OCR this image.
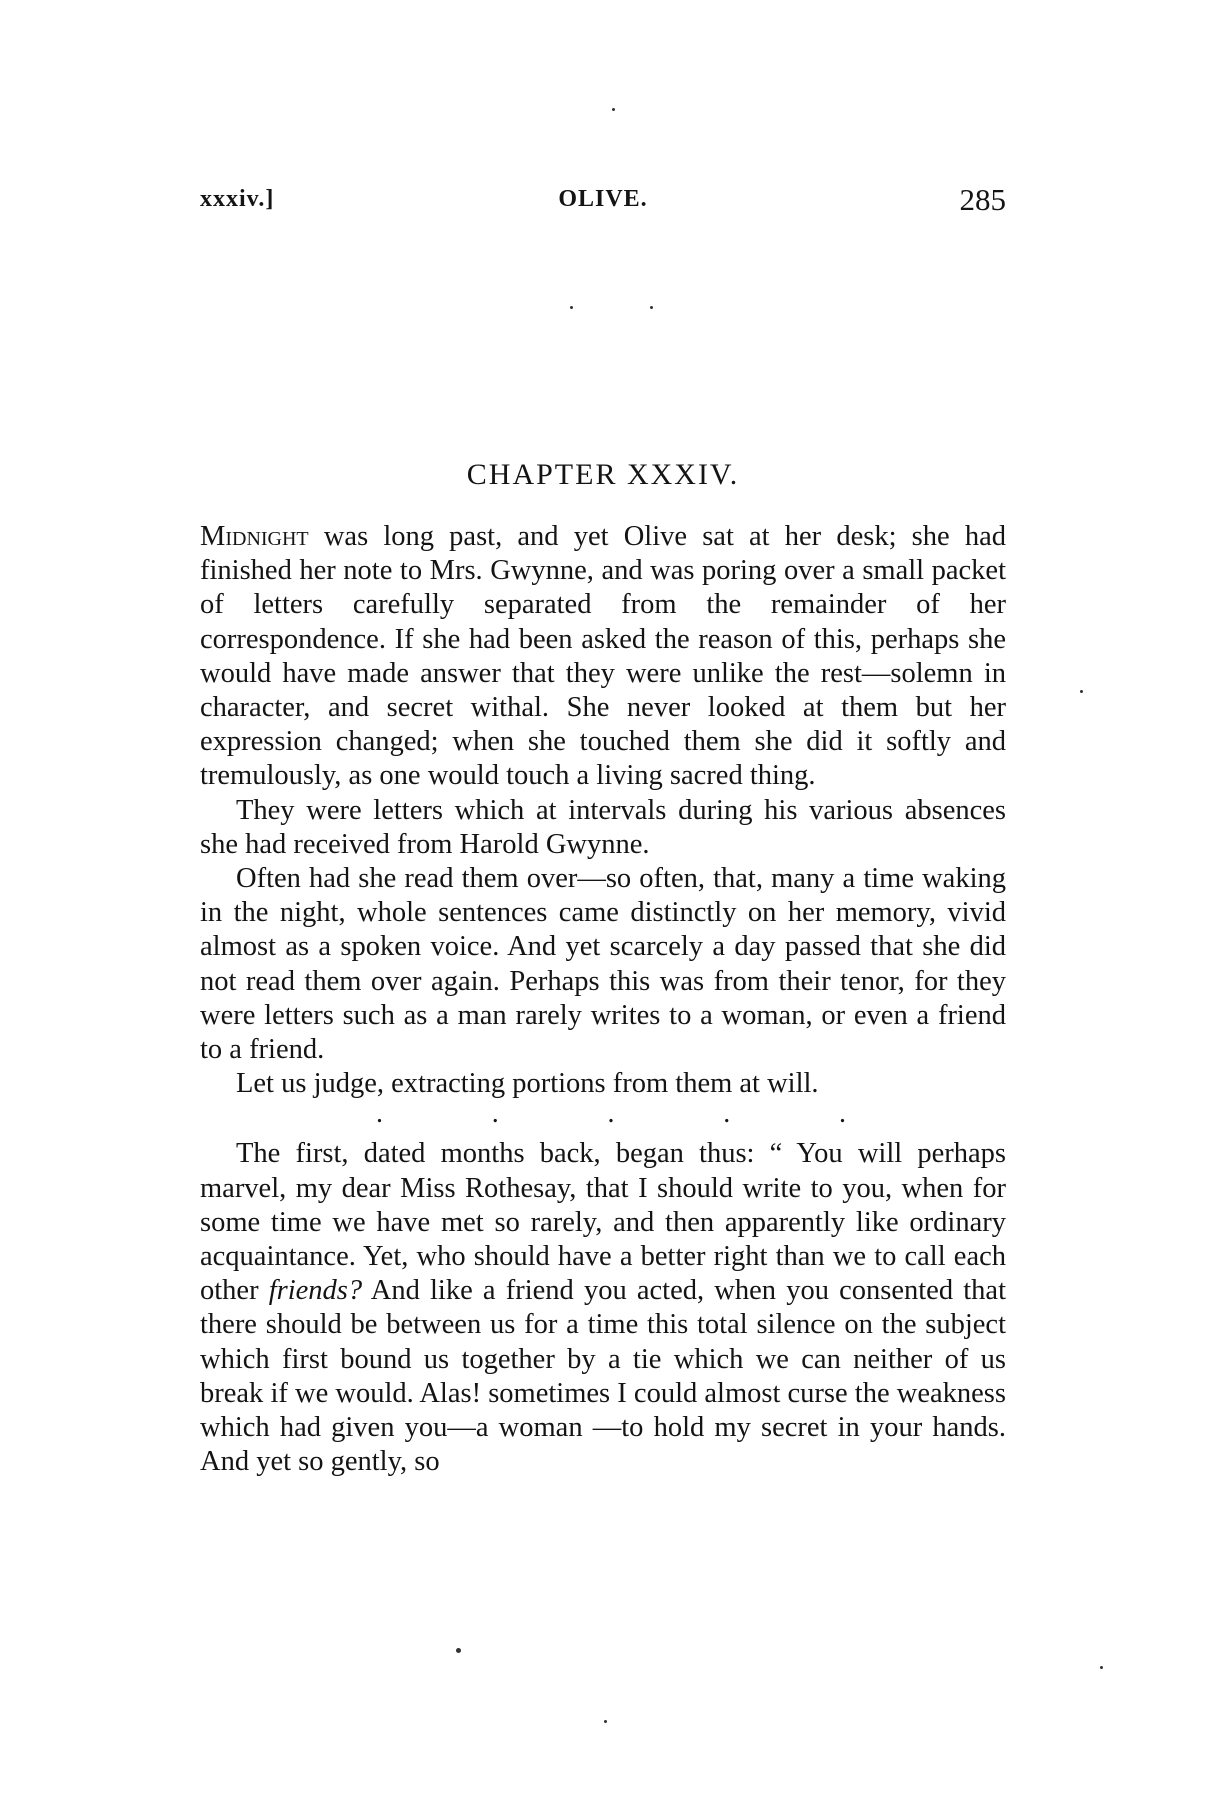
xxxiv.]	OLIVE.	285
CHAPTER XXXIV.

Midnight was long past, and yet Olive sat at her desk; she had finished her note to Mrs. Gwynne, and was poring over a small packet of letters carefully separated from the remainder of her correspondence. If she had been asked the reason of this, perhaps she would have made answer that they were unlike the rest—solemn in character, and secret withal. She never looked at them but her expression changed; when she touched them she did it softly and tremulously, as one would touch a living sacred thing.

They were letters which at intervals during his various absences she had received from Harold Gwynne.

Often had she read them over—so often, that, many a time waking in the night, whole sentences came distinctly on her memory, vivid almost as a spoken voice. And yet scarcely a day passed that she did not read them over again. Perhaps this was from their tenor, for they were letters such as a man rarely writes to a woman, or even a friend to a friend.

Let us judge, extracting portions from them at will.

.	.	.	.	.

The first, dated months back, began thus: “ You will perhaps marvel, my dear Miss Rothesay, that I should write to you, when for some time we have met so rarely, and then apparently like ordinary acquaintance. Yet, who should have a better right than we to call each other friends? And like a friend you acted, when you consented that there should be between us for a time this total silence on the subject which first bound us together by a tie which we can neither of us break if we would. Alas! sometimes I could almost curse the weakness which had given you—a woman —to hold my secret in your hands. And yet so gently, so
